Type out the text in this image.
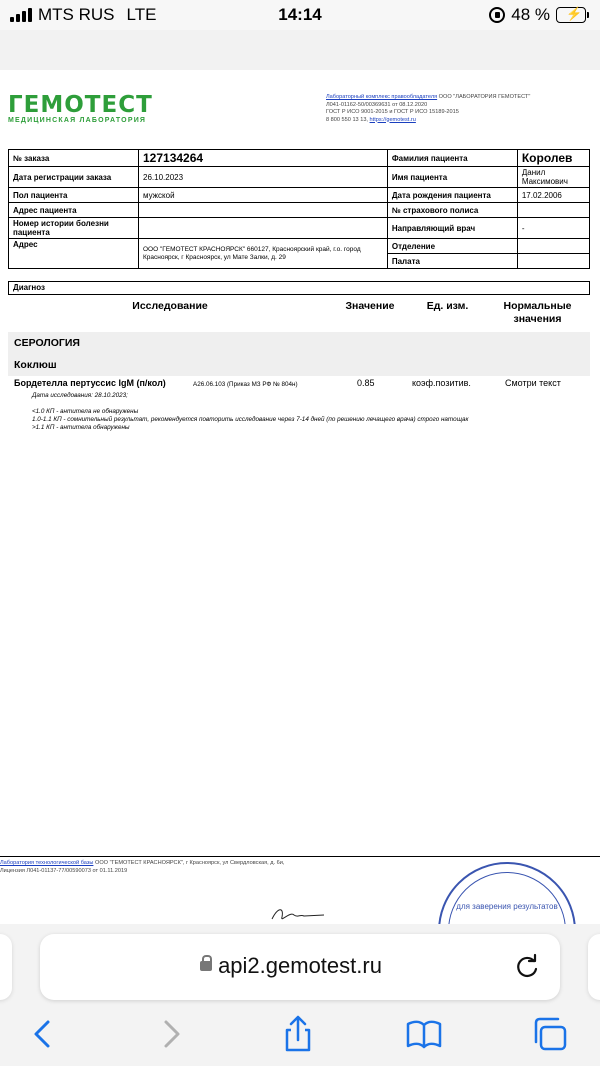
MTS RUS LTE	14:14	48 % ⚡
ГЕМОТЕСТ
МЕДИЦИНСКАЯ ЛАБОРАТОРИЯ
Лабораторный комплекс правообладателя ООО "ЛАБОРАТОРИЯ ГЕМОТЕСТ"
Л041-01162-50/00369631 от 08.12.2020
ГОСТ Р ИСО 9001-2015 и ГОСТ Р ИСО 15189-2015
8 800 550 13 13, https://gemotest.ru
№ заказа	127134264	Фамилия пациента	Королев
Дата регистрации заказа	26.10.2023	Имя пациента	Данил Максимович
Пол пациента	мужской	Дата рождения пациента	17.02.2006
Адрес пациента		№ страхового полиса	
Номер истории болезни пациента		Направляющий врач	-
Адрес	ООО "ГЕМОТЕСТ КРАСНОЯРСК" 660127, Красноярский край, г.о. город Красноярск, г Красноярск, ул Мате Залки, д. 29	Отделение	
		Палата	
Диагноз
Исследование	Значение	Ед. изм.	Нормальные значения
СЕРОЛОГИЯ
Коклюш
Бордетелла пертуссис IgM (п/кол)	A26.06.103 (Приказ МЗ РФ № 804н)	0.85	коэф.позитив.	Смотри текст
Дата исследования: 28.10.2023;
<1.0 КП - антитела не обнаружены
1.0-1.1 КП - сомнительный результат, рекомендуется повторить исследование через 7-14 дней (по решению лечащего врача) строго натощак
>1.1 КП - антитела обнаружены
Лаборатория технологической базы ООО "ГЕМОТЕСТ КРАСНОЯРСК", г Красноярск, ул Свердловская, д. 6и,
Лицензия Л041-01137-77/00590073 от 01.11.2019
для заверения результатов
api2.gemotest.ru
